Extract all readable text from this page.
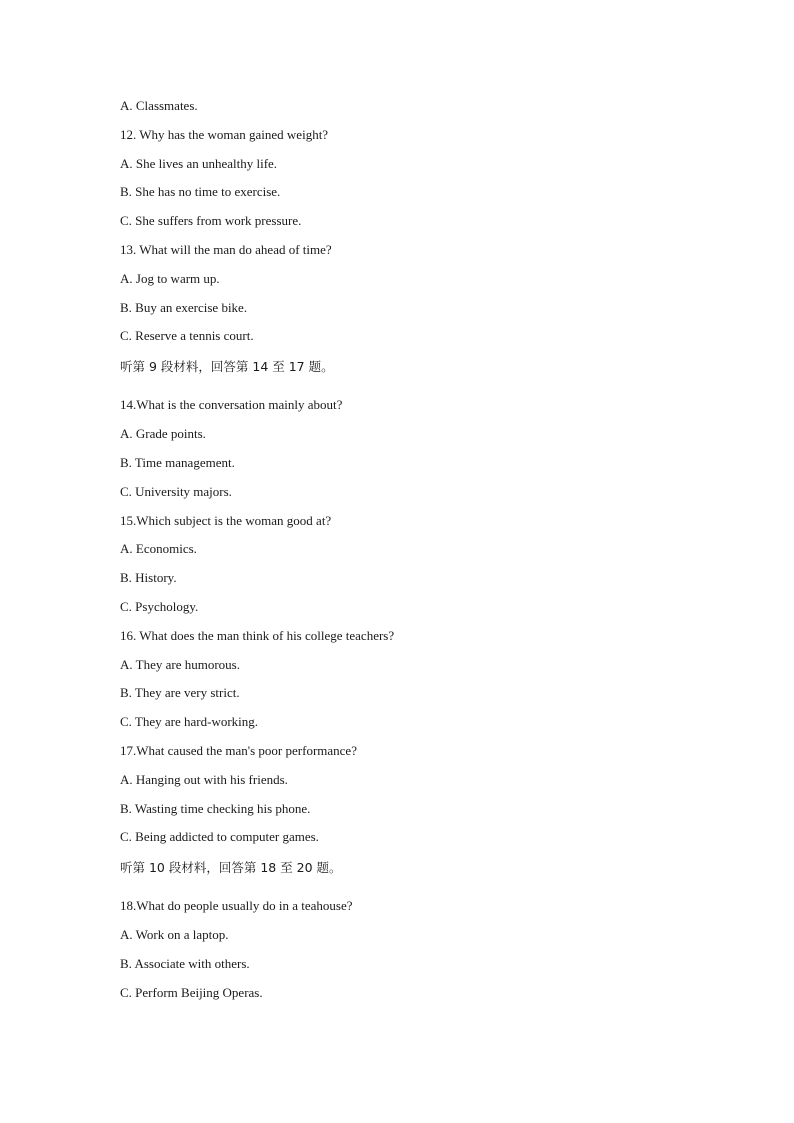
A. Classmates.
12. Why has the woman gained weight?
A. She lives an unhealthy life.
B. She has no time to exercise.
C. She suffers from work pressure.
13. What will the man do ahead of time?
A. Jog to warm up.
B. Buy an exercise bike.
C. Reserve a tennis court.
听第 9 段材料，回答第 14 至 17 题。
14.What is the conversation mainly about?
A. Grade points.
B. Time management.
C. University majors.
15.Which subject is the woman good at?
A. Economics.
B. History.
C. Psychology.
16. What does the man think of his college teachers?
A. They are humorous.
B. They are very strict.
C. They are hard-working.
17.What caused the man's poor performance?
A. Hanging out with his friends.
B. Wasting time checking his phone.
C. Being addicted to computer games.
听第 10 段材料，回答第 18 至 20 题。
18.What do people usually do in a teahouse?
A. Work on a laptop.
B. Associate with others.
C. Perform Beijing Operas.
